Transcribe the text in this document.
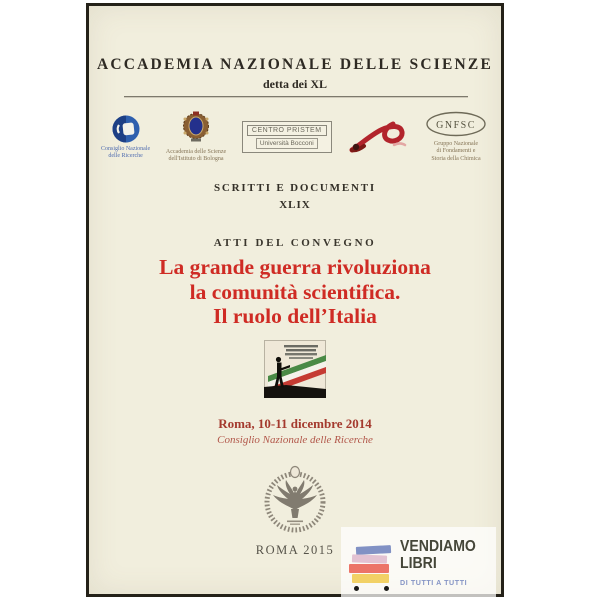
ACCADEMIA NAZIONALE DELLE SCIENZE
detta dei XL
Consiglio Nazionale
delle Ricerche
Accademia delle Scienze
dell'Istituto di Bologna
CENTRO PRISTEM
Università Bocconi
GNFSC
Gruppo Nazionale
di Fondamenti e
Storia della Chimica
SCRITTI E DOCUMENTI
XLIX
ATTI DEL CONVEGNO
La grande guerra rivoluziona
la comunità scientifica.
Il ruolo dell’Italia
Roma, 10-11 dicembre 2014
Consiglio Nazionale delle Ricerche
ROMA 2015	VENDIAMO
LIBRI
DI TUTTI A TUTTI
